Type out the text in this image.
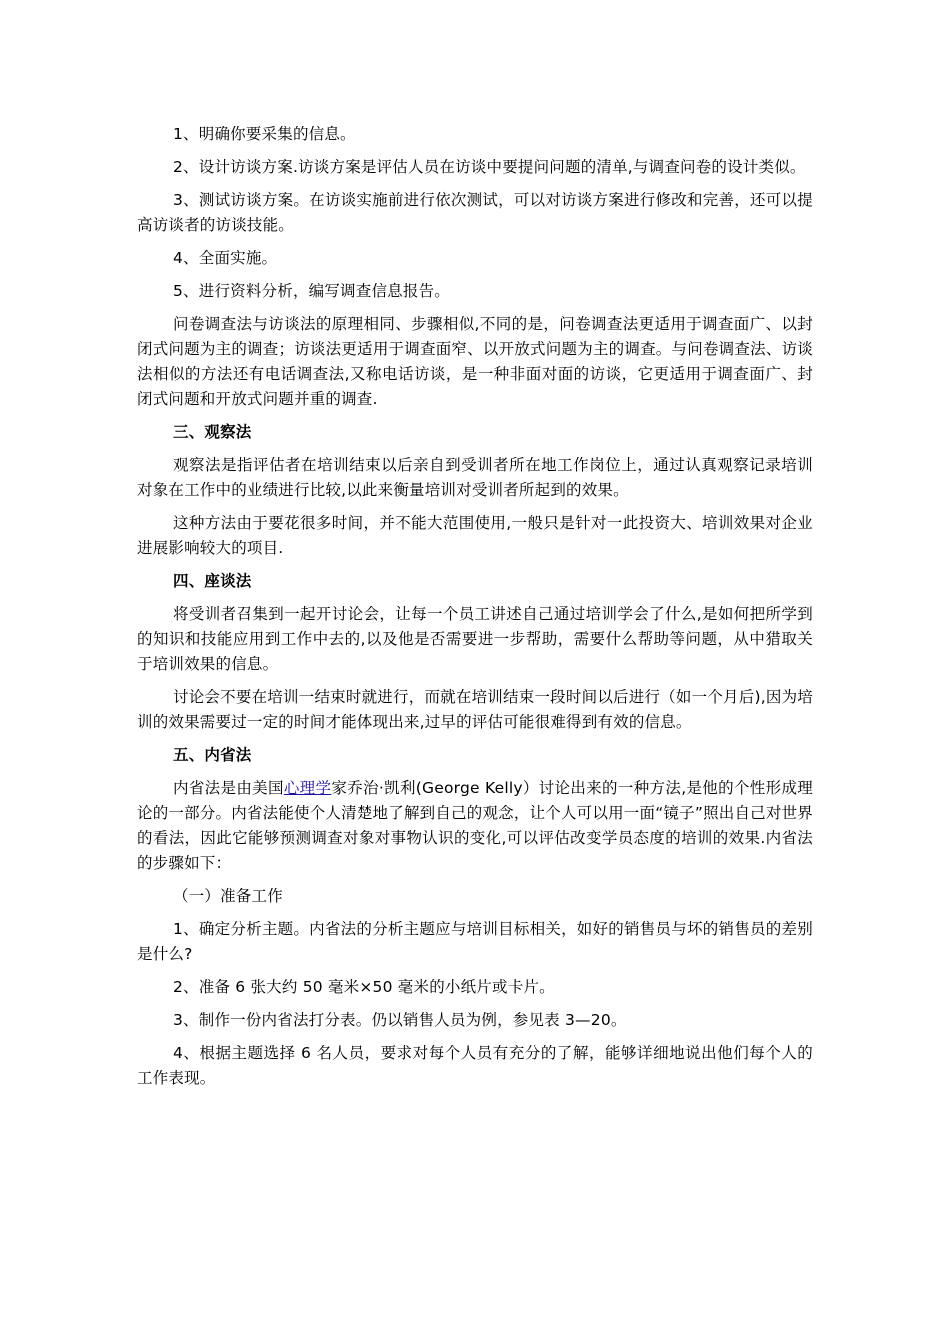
1、明确你要采集的信息。

2、设计访谈方案.访谈方案是评估人员在访谈中要提问问题的清单,与调查问卷的设计类似。

3、测试访谈方案。在访谈实施前进行依次测试，可以对访谈方案进行修改和完善，还可以提高访谈者的访谈技能。

4、全面实施。

5、进行资料分析，编写调查信息报告。

问卷调查法与访谈法的原理相同、步骤相似,不同的是，问卷调查法更适用于调查面广、以封闭式问题为主的调查；访谈法更适用于调查面窄、以开放式问题为主的调查。与问卷调查法、访谈法相似的方法还有电话调查法,又称电话访谈，是一种非面对面的访谈，它更适用于调查面广、封闭式问题和开放式问题并重的调查.

三、观察法

观察法是指评估者在培训结束以后亲自到受训者所在地工作岗位上，通过认真观察记录培训对象在工作中的业绩进行比较,以此来衡量培训对受训者所起到的效果。

这种方法由于要花很多时间，并不能大范围使用,一般只是针对一此投资大、培训效果对企业进展影响较大的项目.

四、座谈法

将受训者召集到一起开讨论会，让每一个员工讲述自己通过培训学会了什么,是如何把所学到的知识和技能应用到工作中去的,以及他是否需要进一步帮助，需要什么帮助等问题，从中猎取关于培训效果的信息。

讨论会不要在培训一结束时就进行，而就在培训结束一段时间以后进行（如一个月后),因为培训的效果需要过一定的时间才能体现出来,过早的评估可能很难得到有效的信息。

五、内省法

内省法是由美国心理学家乔治·凯利(George Kelly）讨论出来的一种方法,是他的个性形成理论的一部分。内省法能使个人清楚地了解到自己的观念，让个人可以用一面“镜子”照出自己对世界的看法，因此它能够预测调查对象对事物认识的变化,可以评估改变学员态度的培训的效果.内省法的步骤如下：

（一）准备工作

1、确定分析主题。内省法的分析主题应与培训目标相关，如好的销售员与坏的销售员的差别是什么?

2、准备 6 张大约 50 毫米×50 毫米的小纸片或卡片。

3、制作一份内省法打分表。仍以销售人员为例，参见表 3—20。

4、根据主题选择 6 名人员，要求对每个人员有充分的了解，能够详细地说出他们每个人的工作表现。
